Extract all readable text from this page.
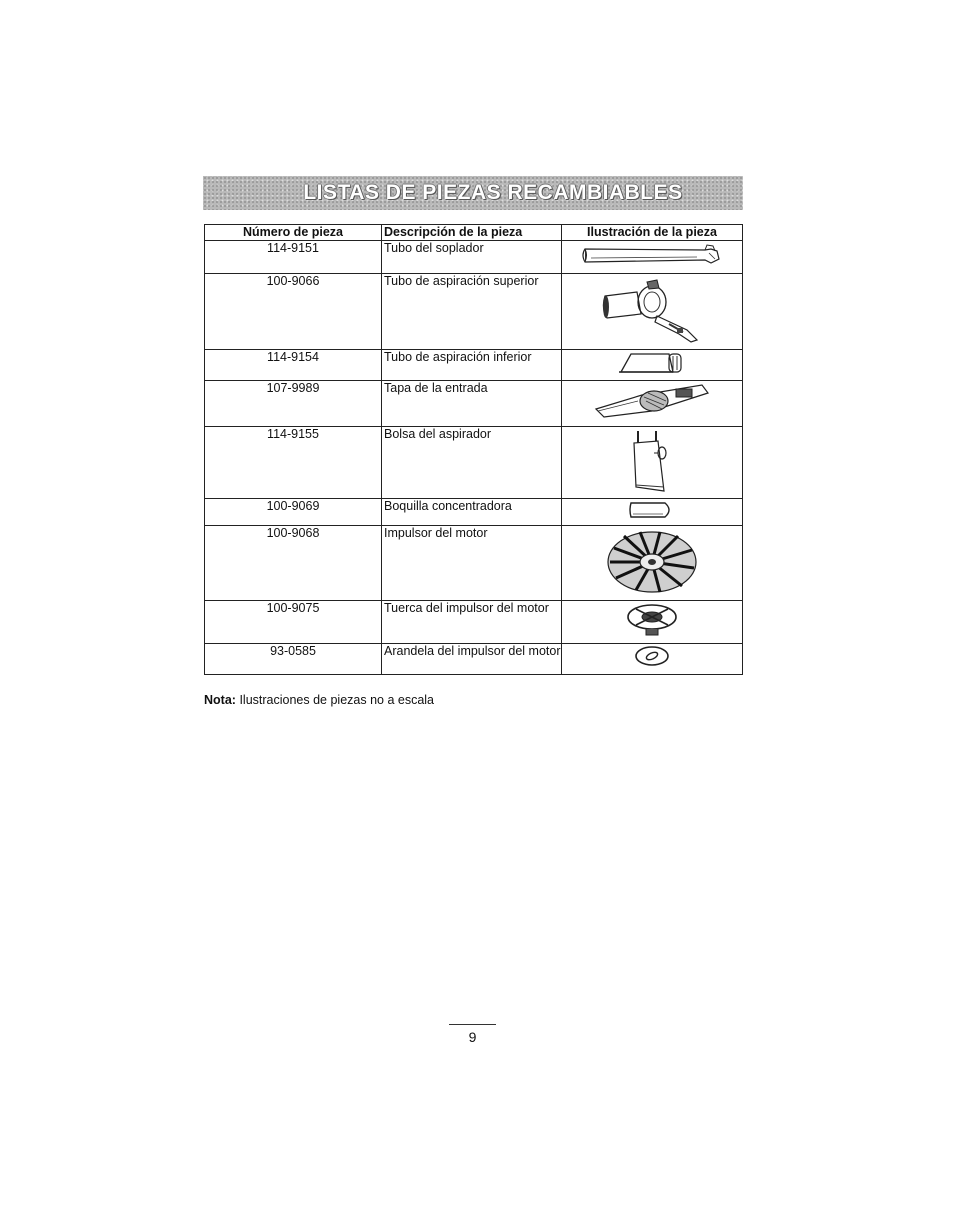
LISTAS DE PIEZAS RECAMBIABLES
Número de pieza	Descripción de la pieza	Ilustración de la pieza
114-9151	Tubo del soplador	

100-9066	Tubo de aspiración superior	

114-9154	Tubo de aspiración inferior	

107-9989	Tapa de la entrada	

114-9155	Bolsa del aspirador	

100-9069	Boquilla concentradora	

100-9068	Impulsor del motor	

100-9075	Tuerca del impulsor del motor	

93-0585	Arandela del impulsor del motor	
Nota: Ilustraciones de piezas no a escala
9
